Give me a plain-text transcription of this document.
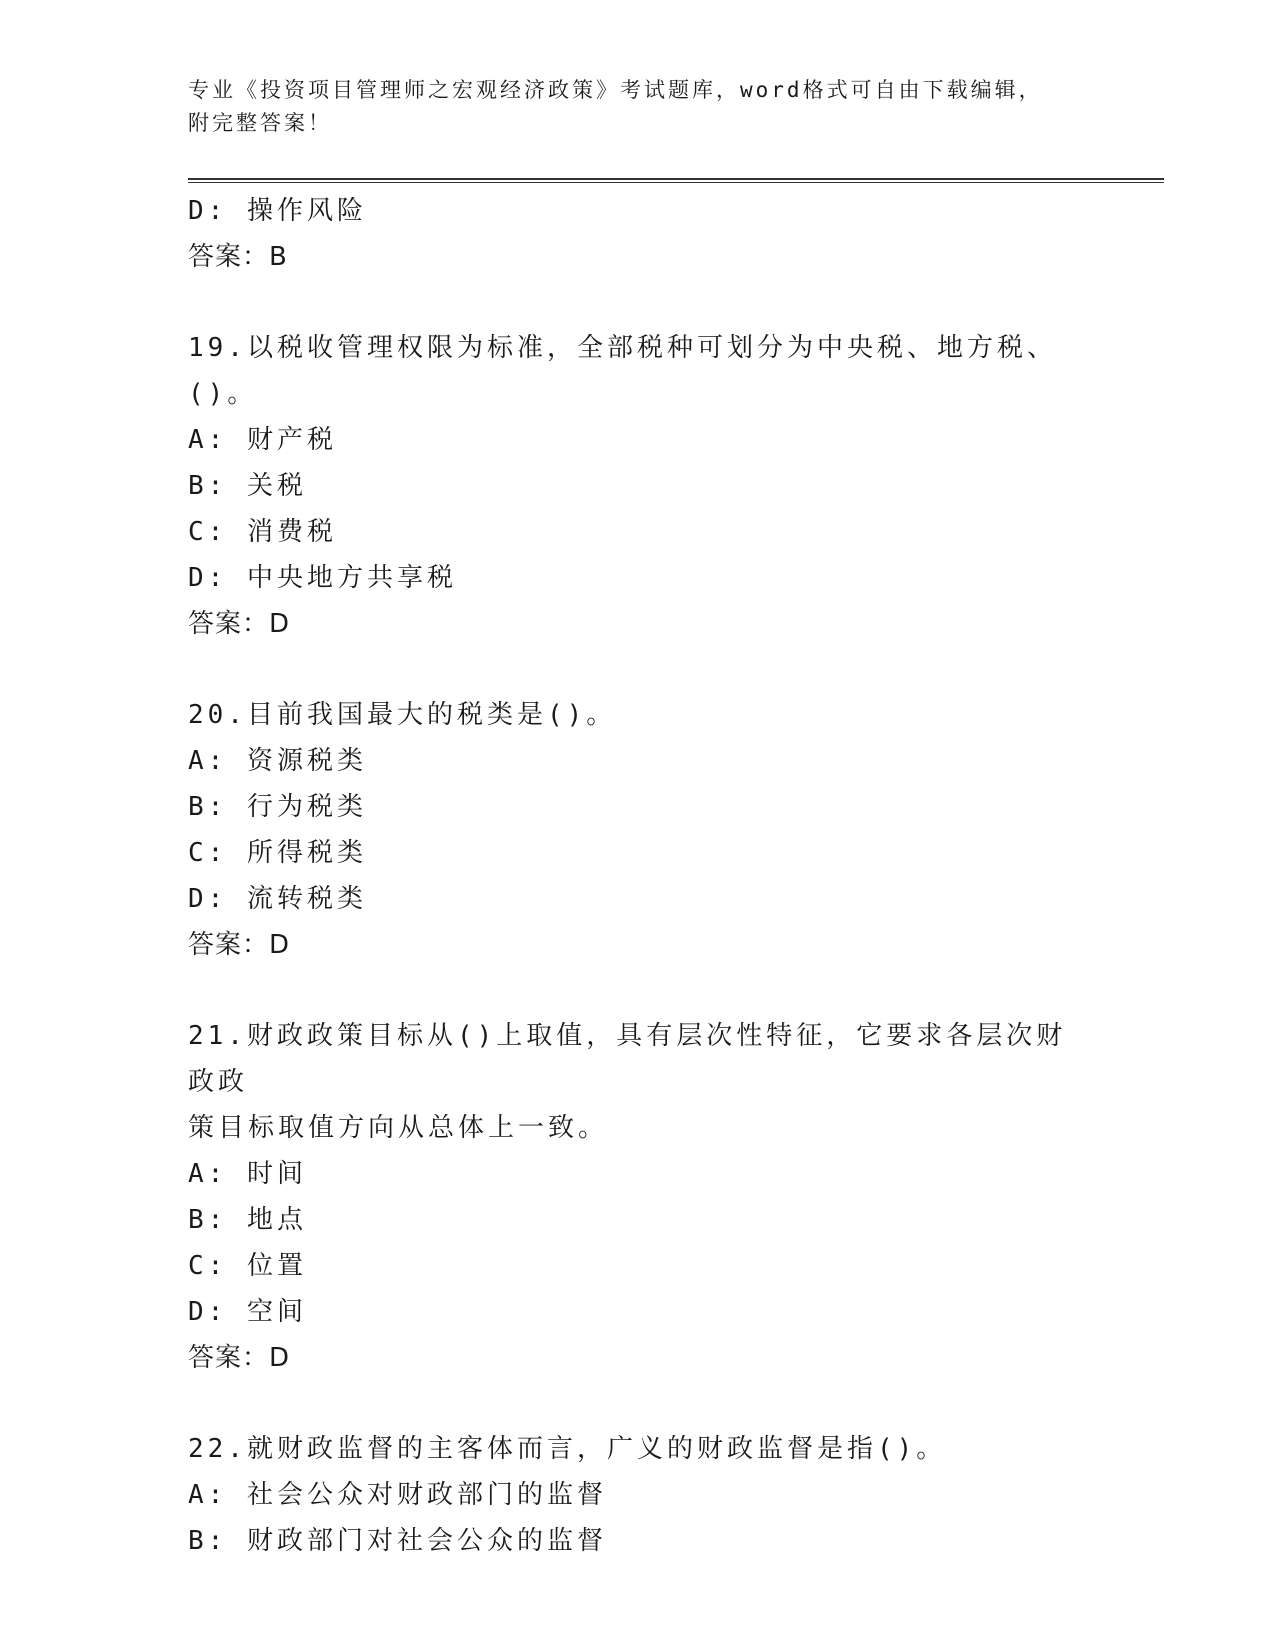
专业《投资项目管理师之宏观经济政策》考试题库，word格式可自由下载编辑，
附完整答案！
D: 操作风险
答案：B
19.以税收管理权限为标准，全部税种可划分为中央税、地方税、()。
A: 财产税
B: 关税
C: 消费税
D: 中央地方共享税
答案：D
20.目前我国最大的税类是()。
A: 资源税类
B: 行为税类
C: 所得税类
D: 流转税类
答案：D
21.财政政策目标从()上取值，具有层次性特征，它要求各层次财政政
策目标取值方向从总体上一致。
A: 时间
B: 地点
C: 位置
D: 空间
答案：D
22.就财政监督的主客体而言，广义的财政监督是指()。
A: 社会公众对财政部门的监督
B: 财政部门对社会公众的监督
